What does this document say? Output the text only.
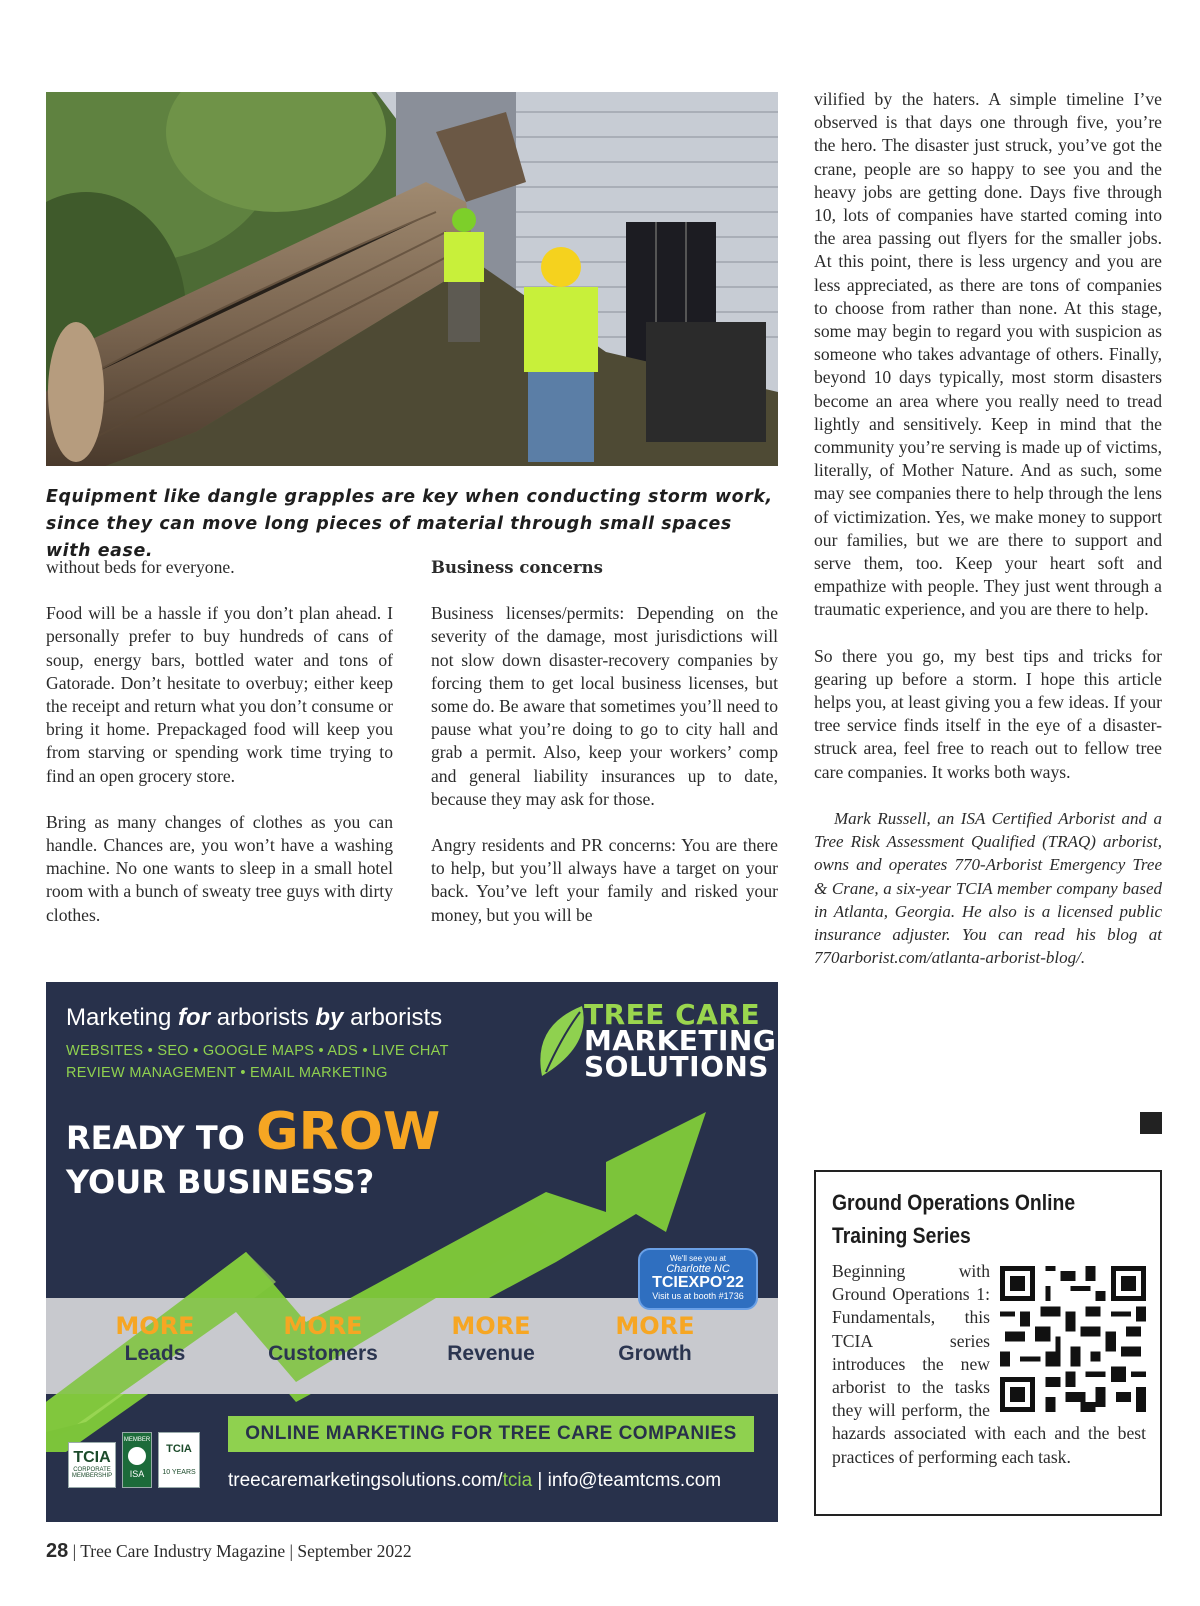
Equipment like dangle grapples are key when conducting storm work, since they can move long pieces of material through small spaces with ease.

without beds for everyone.

Food will be a hassle if you don’t plan ahead. I personally prefer to buy hundreds of cans of soup, energy bars, bottled water and tons of Gatorade. Don’t hesitate to overbuy; either keep the receipt and return what you don’t consume or bring it home. Prepackaged food will keep you from starving or spending work time trying to find an open grocery store.

Bring as many changes of clothes as you can handle. Chances are, you won’t have a washing machine. No one wants to sleep in a small hotel room with a bunch of sweaty tree guys with dirty clothes.

Business concerns

Business licenses/permits: Depending on the severity of the damage, most jurisdictions will not slow down disaster-recovery companies by forcing them to get local business licenses, but some do. Be aware that sometimes you’ll need to pause what you’re doing to go to city hall and grab a permit. Also, keep your workers’ comp and general liability insurances up to date, because they may ask for those.

Angry residents and PR concerns: You are there to help, but you’ll always have a target on your back. You’ve left your family and risked your money, but you will be

vilified by the haters. A simple timeline I’ve observed is that days one through five, you’re the hero. The disaster just struck, you’ve got the crane, people are so happy to see you and the heavy jobs are getting done. Days five through 10, lots of companies have started coming into the area passing out flyers for the smaller jobs. At this point, there is less urgency and you are less appreciated, as there are tons of companies to choose from rather than none. At this stage, some may begin to regard you with suspicion as someone who takes advantage of others. Finally, beyond 10 days typically, most storm disasters become an area where you really need to tread lightly and sensitively. Keep in mind that the community you’re serving is made up of victims, literally, of Mother Nature. And as such, some may see companies there to help through the lens of victimization. Yes, we make money to support our families, but we are there to support and serve them, too. Keep your heart soft and empathize with people. They just went through a traumatic experience, and you are there to help.

So there you go, my best tips and tricks for gearing up before a storm. I hope this article helps you, at least giving you a few ideas. If your tree service finds itself in the eye of a disaster-struck area, feel free to reach out to fellow tree care companies. It works both ways.

Mark Russell, an ISA Certified Arborist and a Tree Risk Assessment Qualified (TRAQ) arborist, owns and operates 770-Arborist Emergency Tree & Crane, a six-year TCIA member company based in Atlanta, Georgia. He also is a licensed public insurance adjuster. You can read his blog at 770arborist.com/atlanta-arborist-blog/.

Marketing for arborists by arborists
WEBSITES • SEO • GOOGLE MAPS • ADS • LIVE CHAT
REVIEW MANAGEMENT • EMAIL MARKETING
TREE CARE
MARKETING
SOLUTIONS
READY TO GROW
YOUR BUSINESS?
MORE
Leads
MORE
Customers
MORE
Revenue
MORE
Growth
We'll see you at
Charlotte NC
TCIEXPO'22
Visit us at booth #1736
ONLINE MARKETING FOR TREE CARE COMPANIES
treecaremarketingsolutions.com/tcia | info@teamtcms.com
TCIA
CORPORATE MEMBERSHIP
MEMBER
ISA
TCIA
10 YEARS
Ground Operations Online Training Series
Beginning with Ground Operations 1: Fundamentals, this TCIA series introduces the new arborist to the tasks they will perform, the hazards associated with each and the best practices of performing each task.
28 | Tree Care Industry Magazine | September 2022
